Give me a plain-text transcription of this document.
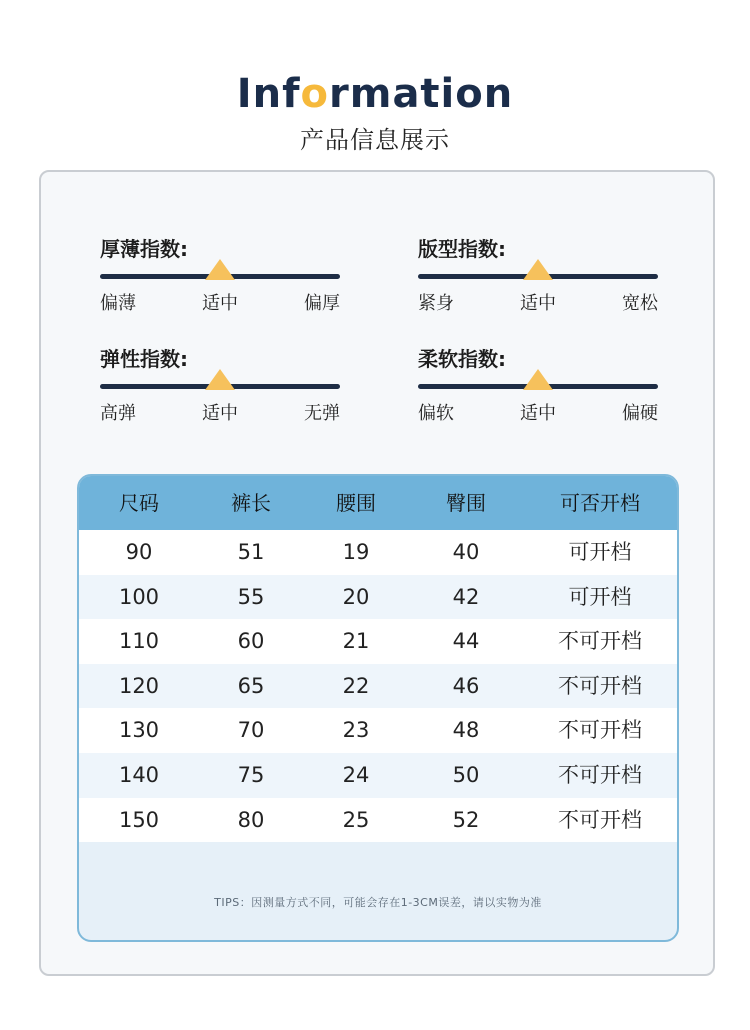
Information
产品信息展示
厚薄指数:
偏薄	适中	偏厚
版型指数:
紧身	适中	宽松
弹性指数:
高弹	适中	无弹
柔软指数:
偏软	适中	偏硬
尺码	裤长	腰围	臀围	可否开档
90	51	19	40	可开档
100	55	20	42	可开档
110	60	21	44	不可开档
120	65	22	46	不可开档
130	70	23	48	不可开档
140	75	24	50	不可开档
150	80	25	52	不可开档
TIPS：因测量方式不同，可能会存在1-3CM误差，请以实物为准
